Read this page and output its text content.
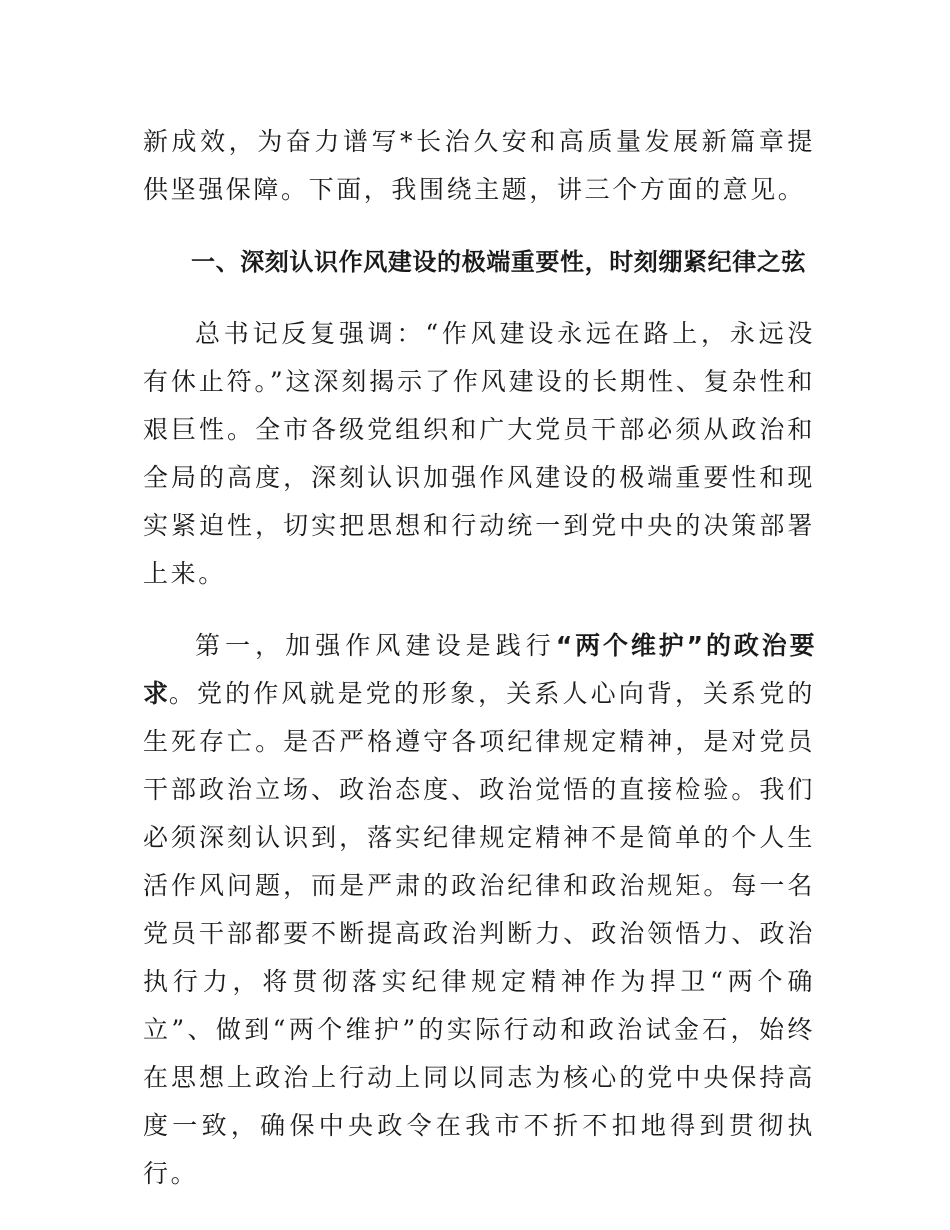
新成效，为奋力谱写*长治久安和高质量发展新篇章提供坚强保障。下面，我围绕主题，讲三个方面的意见。

一、深刻认识作风建设的极端重要性，时刻绷紧纪律之弦

总书记反复强调：“作风建设永远在路上，永远没有休止符。”这深刻揭示了作风建设的长期性、复杂性和艰巨性。全市各级党组织和广大党员干部必须从政治和全局的高度，深刻认识加强作风建设的极端重要性和现实紧迫性，切实把思想和行动统一到党中央的决策部署上来。

第一，加强作风建设是践行“两个维护”的政治要求。党的作风就是党的形象，关系人心向背，关系党的生死存亡。是否严格遵守各项纪律规定精神，是对党员干部政治立场、政治态度、政治觉悟的直接检验。我们必须深刻认识到，落实纪律规定精神不是简单的个人生活作风问题，而是严肃的政治纪律和政治规矩。每一名党员干部都要不断提高政治判断力、政治领悟力、政治执行力，将贯彻落实纪律规定精神作为捍卫“两个确立”、做到“两个维护”的实际行动和政治试金石，始终在思想上政治上行动上同以同志为核心的党中央保持高度一致，确保中央政令在我市不折不扣地得到贯彻执行。
